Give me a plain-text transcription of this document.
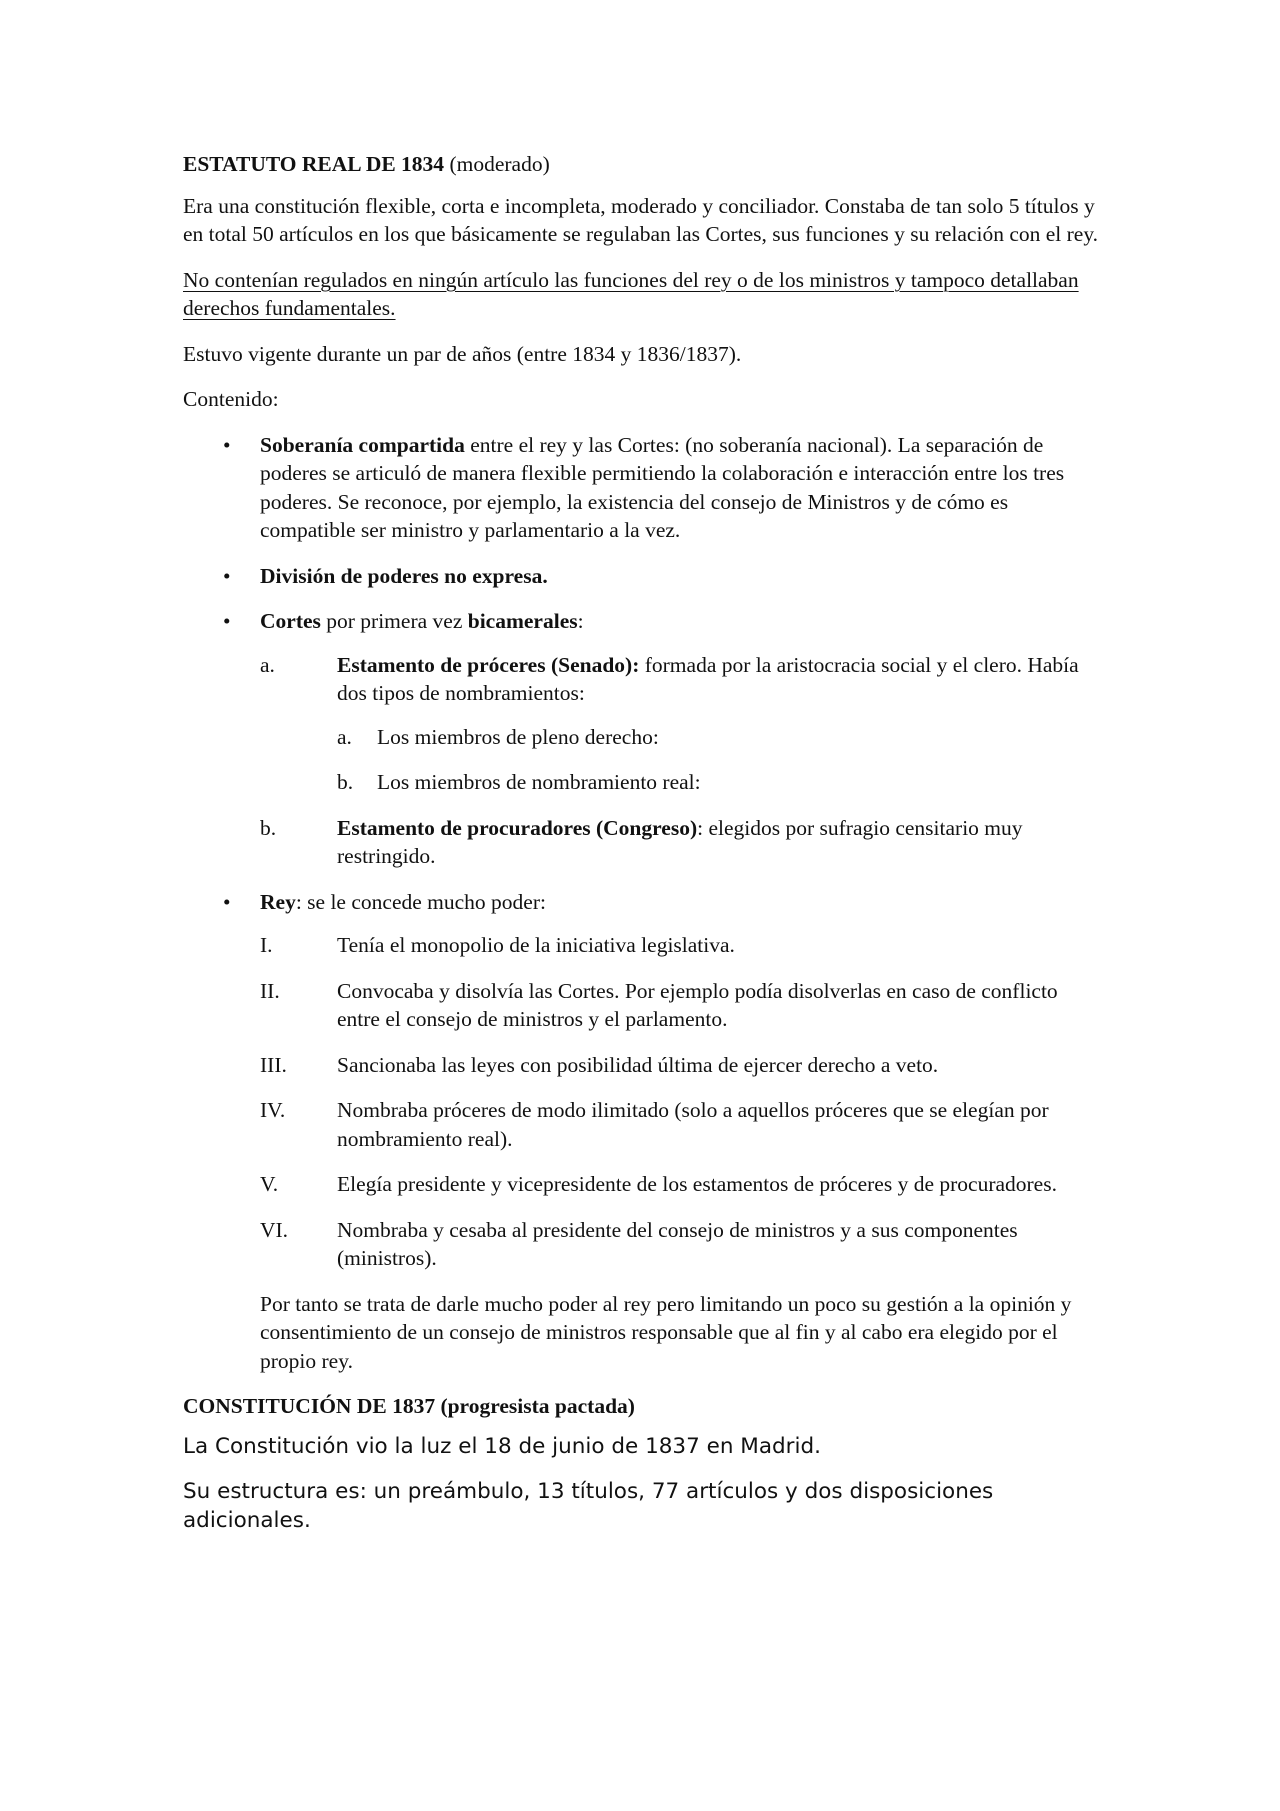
ESTATUTO REAL DE 1834 (moderado)

Era una constitución flexible, corta e incompleta, moderado y conciliador. Constaba de tan solo 5 títulos y en total 50 artículos en los que básicamente se regulaban las Cortes, sus funciones y su relación con el rey.

No contenían regulados en ningún artículo las funciones del rey o de los ministros y tampoco detallaban derechos fundamentales.

Estuvo vigente durante un par de años (entre 1834 y 1836/1837).

Contenido:

• Soberanía compartida entre el rey y las Cortes: (no soberanía nacional). La separación de poderes se articuló de manera flexible permitiendo la colaboración e interacción entre los tres poderes. Se reconoce, por ejemplo, la existencia del consejo de Ministros y de cómo es compatible ser ministro y parlamentario a la vez.
• División de poderes no expresa.
• Cortes por primera vez bicamerales:
a.	Estamento de próceres (Senado): formada por la aristocracia social y el clero. Había dos tipos de nombramientos:
a. Los miembros de pleno derecho:
b. Los miembros de nombramiento real:
b.	Estamento de procuradores (Congreso): elegidos por sufragio censitario muy restringido.
• Rey: se le concede mucho poder:
I.	Tenía el monopolio de la iniciativa legislativa.
II.	Convocaba y disolvía las Cortes. Por ejemplo podía disolverlas en caso de conflicto entre el consejo de ministros y el parlamento.
III. Sancionaba las leyes con posibilidad última de ejercer derecho a veto.
IV. Nombraba próceres de modo ilimitado (solo a aquellos próceres que se elegían por nombramiento real).
V.	Elegía presidente y vicepresidente de los estamentos de próceres y de procuradores.
VI. Nombraba y cesaba al presidente del consejo de ministros y a sus componentes (ministros).

Por tanto se trata de darle mucho poder al rey pero limitando un poco su gestión a la opinión y consentimiento de un consejo de ministros responsable que al fin y al cabo era elegido por el propio rey.

CONSTITUCIÓN DE 1837 (progresista pactada)

La Constitución vio la luz el 18 de junio de 1837 en Madrid.

Su estructura es: un preámbulo, 13 títulos, 77 artículos y dos disposiciones adicionales.
